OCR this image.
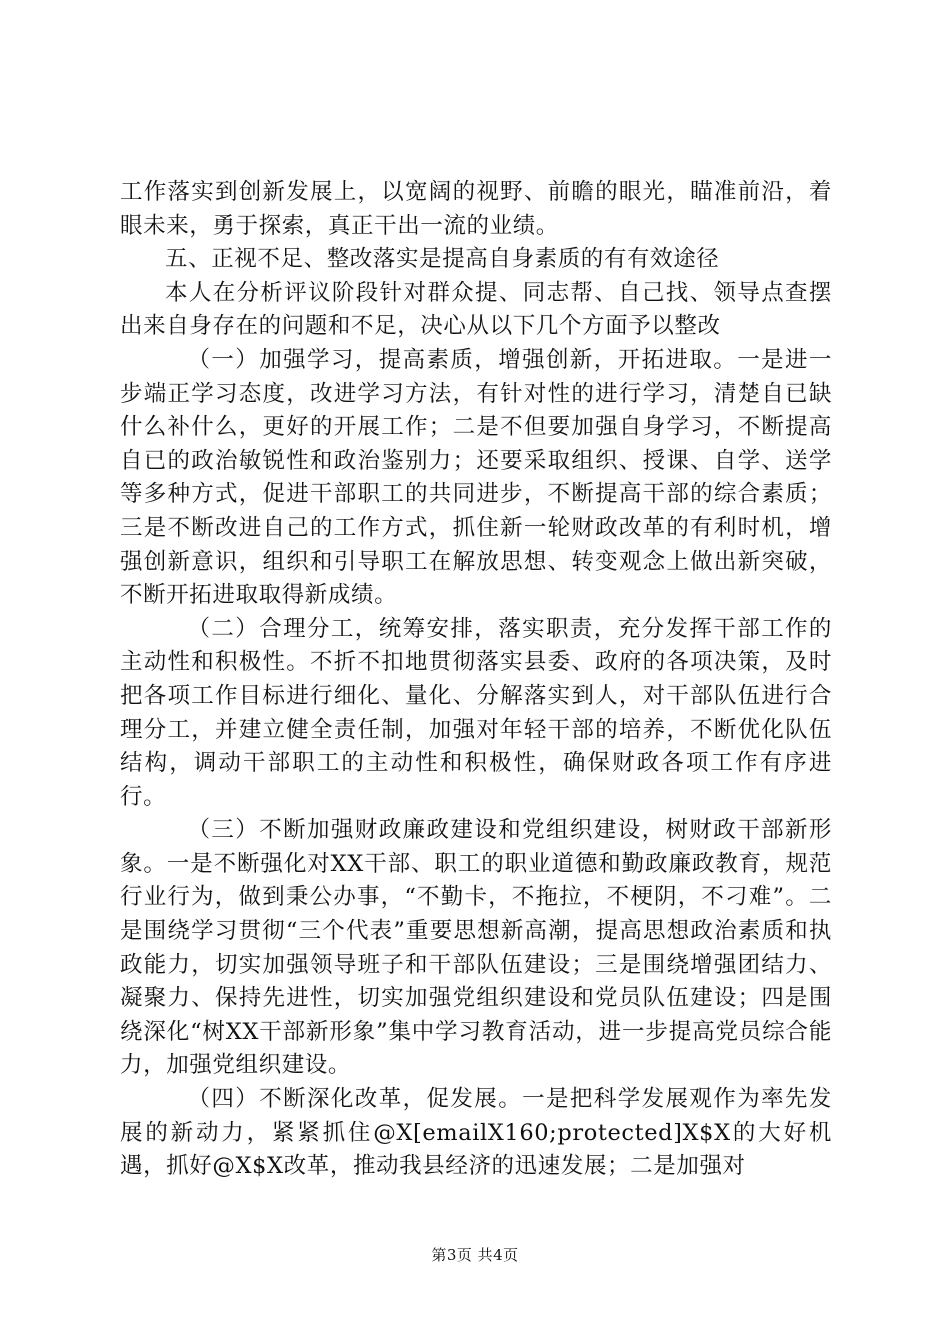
工作落实到创新发展上，以宽阔的视野、前瞻的眼光，瞄准前沿，着眼未来，勇于探索，真正干出一流的业绩。

五、正视不足、整改落实是提高自身素质的有有效途径

本人在分析评议阶段针对群众提、同志帮、自己找、领导点查摆出来自身存在的问题和不足，决心从以下几个方面予以整改

（一）加强学习，提高素质，增强创新，开拓进取。一是进一步端正学习态度，改进学习方法，有针对性的进行学习，清楚自已缺什么补什么，更好的开展工作；二是不但要加强自身学习，不断提高自已的政治敏锐性和政治鉴别力；还要采取组织、授课、自学、送学等多种方式，促进干部职工的共同进步，不断提高干部的综合素质；三是不断改进自己的工作方式，抓住新一轮财政改革的有利时机，增强创新意识，组织和引导职工在解放思想、转变观念上做出新突破，不断开拓进取取得新成绩。

（二）合理分工，统筹安排，落实职责，充分发挥干部工作的主动性和积极性。不折不扣地贯彻落实县委、政府的各项决策，及时把各项工作目标进行细化、量化、分解落实到人，对干部队伍进行合理分工，并建立健全责任制，加强对年轻干部的培养，不断优化队伍结构，调动干部职工的主动性和积极性，确保财政各项工作有序进行。

（三）不断加强财政廉政建设和党组织建设，树财政干部新形象。一是不断强化对XX干部、职工的职业道德和勤政廉政教育，规范行业行为，做到秉公办事，“不勤卡，不拖拉，不梗阴，不刁难”。二是围绕学习贯彻“三个代表”重要思想新高潮，提高思想政治素质和执政能力，切实加强领导班子和干部队伍建设；三是围绕增强团结力、凝聚力、保持先进性，切实加强党组织建设和党员队伍建设；四是围绕深化“树XX干部新形象”集中学习教育活动，进一步提高党员综合能力，加强党组织建设。

（四）不断深化改革，促发展。一是把科学发展观作为率先发展的新动力，紧紧抓住@X[emailX160;protected]X$X的大好机遇，抓好@X$X改革，推动我县经济的迅速发展；二是加强对

第3页 共4页
